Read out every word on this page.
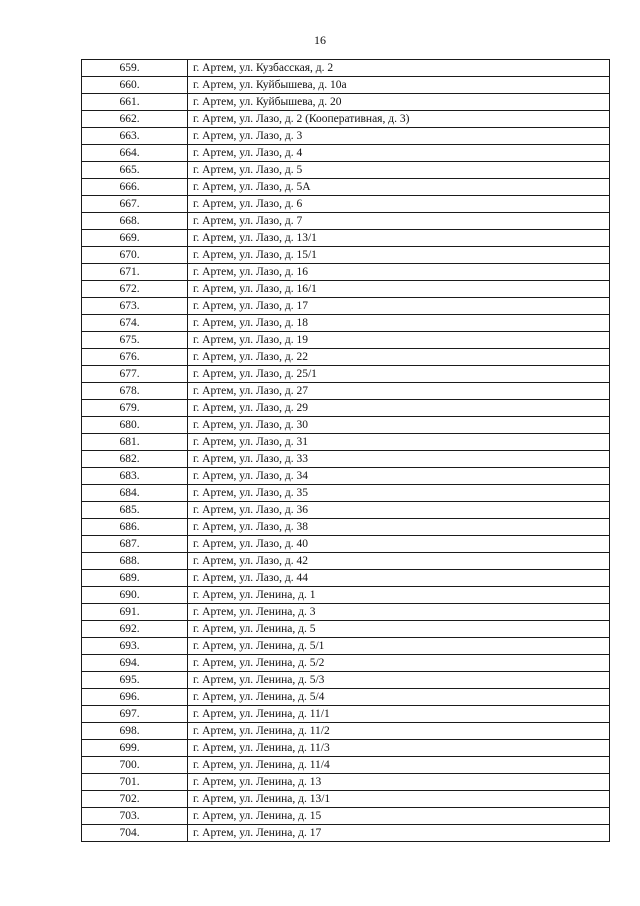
16
659.	г. Артем, ул. Кузбасская, д. 2
660.	г. Артем, ул. Куйбышева, д. 10а
661.	г. Артем, ул. Куйбышева, д. 20
662.	г. Артем, ул. Лазо, д. 2 (Кооперативная, д. 3)
663.	г. Артем, ул. Лазо, д. 3
664.	г. Артем, ул. Лазо, д. 4
665.	г. Артем, ул. Лазо, д. 5
666.	г. Артем, ул. Лазо, д. 5А
667.	г. Артем, ул. Лазо, д. 6
668.	г. Артем, ул. Лазо, д. 7
669.	г. Артем, ул. Лазо, д. 13/1
670.	г. Артем, ул. Лазо, д. 15/1
671.	г. Артем, ул. Лазо, д. 16
672.	г. Артем, ул. Лазо, д. 16/1
673.	г. Артем, ул. Лазо, д. 17
674.	г. Артем, ул. Лазо, д. 18
675.	г. Артем, ул. Лазо, д. 19
676.	г. Артем, ул. Лазо, д. 22
677.	г. Артем, ул. Лазо, д. 25/1
678.	г. Артем, ул. Лазо, д. 27
679.	г. Артем, ул. Лазо, д. 29
680.	г. Артем, ул. Лазо, д. 30
681.	г. Артем, ул. Лазо, д. 31
682.	г. Артем, ул. Лазо, д. 33
683.	г. Артем, ул. Лазо, д. 34
684.	г. Артем, ул. Лазо, д. 35
685.	г. Артем, ул. Лазо, д. 36
686.	г. Артем, ул. Лазо, д. 38
687.	г. Артем, ул. Лазо, д. 40
688.	г. Артем, ул. Лазо, д. 42
689.	г. Артем, ул. Лазо, д. 44
690.	г. Артем, ул. Ленина, д. 1
691.	г. Артем, ул. Ленина, д. 3
692.	г. Артем, ул. Ленина, д. 5
693.	г. Артем, ул. Ленина, д. 5/1
694.	г. Артем, ул. Ленина, д. 5/2
695.	г. Артем, ул. Ленина, д. 5/3
696.	г. Артем, ул. Ленина, д. 5/4
697.	г. Артем, ул. Ленина, д. 11/1
698.	г. Артем, ул. Ленина, д. 11/2
699.	г. Артем, ул. Ленина, д. 11/3
700.	г. Артем, ул. Ленина, д. 11/4
701.	г. Артем, ул. Ленина, д. 13
702.	г. Артем, ул. Ленина, д. 13/1
703.	г. Артем, ул. Ленина, д. 15
704.	г. Артем, ул. Ленина, д. 17
